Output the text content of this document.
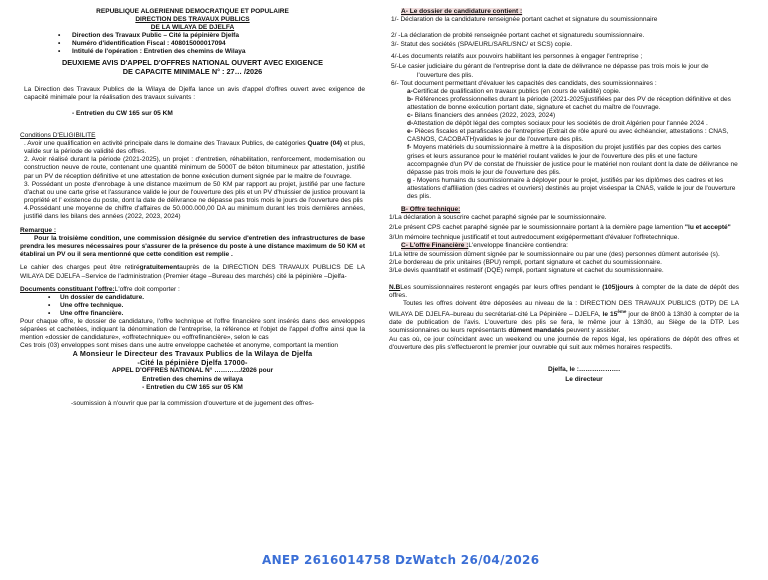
REPUBLIQUE ALGERIENNE DEMOCRATIQUE ET POPULAIRE
DIRECTION DES TRAVAUX PUBLICS
DE LA WILAYA DE DJELFA
• Direction des Travaux Public – Cité la pépinière Djelfa
• Numéro d'identification Fiscal : 408015000017094
• Intitulé de l'opération : Entretien des chemins de Wilaya
DEUXIEME AVIS D'APPEL D'OFFRES NATIONAL OUVERT AVEC EXIGENCE
DE CAPACITE MINIMALE N° : 27… /2026
La Direction des Travaux Publics de la Wilaya de Djelfa lance un avis d'appel d'offres ouvert avec exigence de capacité minimale pour la réalisation des travaux suivants :
- Entretien du CW 165 sur 05 KM
Conditions D'ELIGIBILITE
. Avoir une qualification en activité principale dans le domaine des Travaux Publics, de catégories Quatre (04) et plus, valide sur la période de validité des offres.
2. Avoir réalisé durant la période (2021-2025), un projet : d'entretien, réhabilitation, renforcement, modernisation ou construction neuve de route, contenant une quantité minimum de 5000T de béton bitumineux par attestation, justifié par un PV de réception définitive et une attestation de bonne exécution dument signée par le maitre de l'ouvrage.
3. Possédant un poste d'enrobage à une distance maximum de 50 KM par rapport au projet, justifié par une facture d'achat ou une carte grise et l'assurance valide le jour de l'ouverture des plis et un PV d'huissier de justice prouvant la propriété et l' existence du poste, dont la date de délivrance ne dépasse pas trois mois le jours de l'ouverture des plis
4.Possédant une moyenne de chiffre d'affaires de 50.000.000,00 DA au minimum durant les trois dernières années, justifié dans les bilans des années (2022, 2023, 2024)
Remarque :
Pour la troisième condition, une commission désignée du service d'entretien des infrastructures de base prendra les mesures nécessaires pour s'assurer de la présence du poste à une distance maximum de 50 KM et établirai un PV ou il sera mentionné que cette condition est remplie .
Le cahier des charges peut être retirégratuitementauprès de la DIRECTION DES TRAVAUX PUBLICS DE LA WILAYA DE DJELFA –Service de l'administration (Premier étage –Bureau des marchés) cité la pépinière –Djelfa-
Documents constituant l'offre:L'offre doit comporter :
• Un dossier de candidature.
• Une offre technique.
• Une offre financière.
Pour chaque offre, le dossier de candidature, l'offre technique et l'offre financière sont insérés dans des enveloppes séparées et cachetées, indiquant la dénomination de l'entreprise, la référence et l'objet de l'appel d'offre ainsi que la mention «dossier de candidature», «offretechnique» ou «offrefinancière», selon le cas
Ces trois (03) enveloppes sont mises dans une autre enveloppe cachetée et anonyme, comportant la mention
A Monsieur le Directeur des Travaux Publics de la Wilaya de Djelfa
-Cité la pépinière Djelfa 17000-
APPEL D'OFFRES NATIONAL N° …………/2026 pour
Entretien des chemins de wilaya
- Entretien du CW 165 sur 05 KM
-soumission à n'ouvrir que par la commission d'ouverture et de jugement des offres-
A- Le dossier de candidature contient :
1/- Déclaration de la candidature renseignée portant cachet et signature du soumissionnaire
2/ -La déclaration de probité renseignée portant cachet et signaturedu soumissionnaire.
3/- Statut des sociétés (SPA/EURL/SARL/SNC/ et SCS) copie.
4/-Les documents relatifs aux pouvoirs habilitant les personnes à engager l'entreprise ;
5/-Le casier judiciaire du gérant de l'entreprise dont la date de délivrance ne dépasse pas trois mois le jour de l'ouverture des plis.
6/- Tout document permettant d'évaluer les capacités des candidats, des soumissionnaires :
a-Certificat de qualification en travaux publics (en cours de validité) copie.
b- Références professionnelles durant la période (2021-2025)justifiées par des PV de réception définitive et des attestation de bonne exécution portant date, signature et cachet du maître de l'ouvrage.
c- Bilans financiers des années (2022, 2023, 2024)
d-Attestation de dépôt légal des comptes sociaux pour les sociétés de droit Algérien pour l'année 2024 .
e- Pièces fiscales et parafiscales de l'entreprise (Extrait de rôle apuré ou avec échéancier, attestations : CNAS, CASNOS, CACOBATH)valides le jour de l'ouverture des plis.
f- Moyens matériels du soumissionnaire à mettre à la disposition du projet justifiés par des copies des cartes grises et leurs assurance pour le matériel roulant valides le jour de l'ouverture des plis et une facture accompagnée d'un PV de constat de l'huissier de justice pour le matériel non roulant dont la date de délivrance ne dépasse pas trois mois le jour de l'ouverture des plis.
g - Moyens humains du soumissionnaire à déployer pour le projet, justifiés par les diplômes des cadres et les attestations d'affiliation (des cadres et ouvriers) destinés au projet viséespar la CNAS, valide le jour de l'ouverture des plis.
B- Offre technique:
1/La déclaration à souscrire cachet paraphé signée par le soumissionnaire.
2/Le présent CPS cachet paraphé signée par le soumissionnaire portant à la dernière page lamention "lu et accepté"
3/Un mémoire technique justificatif et tout autredocument exigépermettant d'évaluer l'offretechnique.
C- L'offre Financière :L'enveloppe financière contiendra:
1/La lettre de soumission dûment signée par le soumissionnaire ou par une (des) personnes dûment autorisée (s).
2/Le bordereau de prix unitaires (BPU) rempli, portant signature et cachet du soumissionnaire.
3/Le devis quantitatif et estimatif (DQE) rempli, portant signature et cachet du soumissionnaire.
N.BLes soumissionnaires resteront engagés par leurs offres pendant le (105)jours à compter de la date de dépôt des offres.
Toutes les offres doivent être déposées au niveau de la : DIRECTION DES TRAVAUX PUBLICS (DTP) DE LA WILAYA DE DJELFA–bureau du secrétariat-cité La Pépinière – DJELFA, le 15ème jour de 8h00 à 13h30 à compter de la date de publication de l'avis. L'ouverture des plis se fera, le même jour à 13h30, au Siège de la DTP. Les soumissionnaires ou leurs représentants dûment mandatés peuvent y assister.
Au cas où, ce jour coïncidant avec un weekend ou une journée de repos légal, les opérations de dépôt des offres et d'ouverture des plis s'effectueront le premier jour ouvrable qui suit aux mêmes horaires respectifs.
Djelfa, le :……………….
Le directeur
ANEP 2616014758 DzWatch 26/04/2026
